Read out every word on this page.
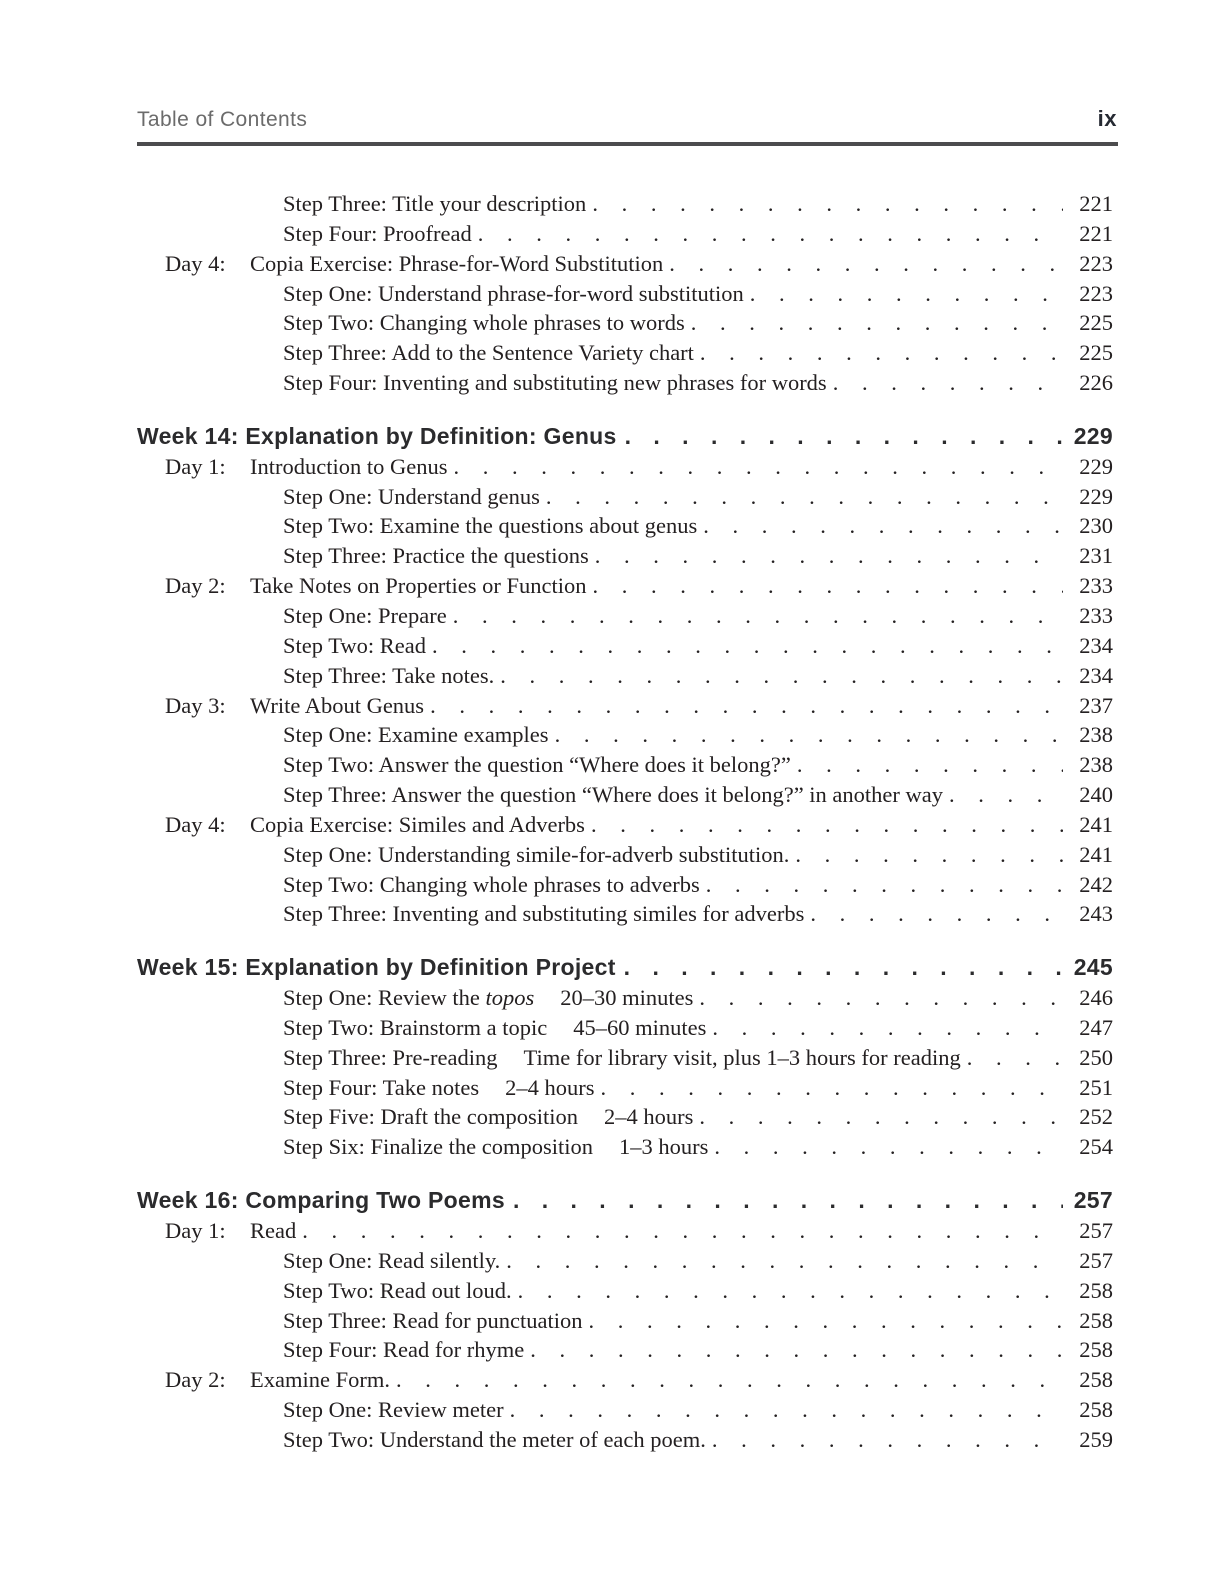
Table of Contents	ix
Step Three: Title your description . . .	221
Step Four: Proofread . . .	221
Day 4:	Copia Exercise: Phrase-for-Word Substitution . . .	223
Step One: Understand phrase-for-word substitution . . .	223
Step Two: Changing whole phrases to words . . .	225
Step Three: Add to the Sentence Variety chart . . .	225
Step Four: Inventing and substituting new phrases for words . . .	226
Week 14: Explanation by Definition: Genus . . .	229
Day 1:	Introduction to Genus . . .	229
Step One: Understand genus . . .	229
Step Two: Examine the questions about genus . . .	230
Step Three: Practice the questions . . .	231
Day 2:	Take Notes on Properties or Function . . .	233
Step One: Prepare . . .	233
Step Two: Read . . .	234
Step Three: Take notes. . . .	234
Day 3:	Write About Genus . . .	237
Step One: Examine examples . . .	238
Step Two: Answer the question “Where does it belong?” . . .	238
Step Three: Answer the question “Where does it belong?” in another way . . .	240
Day 4:	Copia Exercise: Similes and Adverbs . . .	241
Step One: Understanding simile-for-adverb substitution. . . .	241
Step Two: Changing whole phrases to adverbs . . .	242
Step Three: Inventing and substituting similes for adverbs . . .	243
Week 15: Explanation by Definition Project . . .	245
Step One: Review the topos 20–30 minutes . . .	246
Step Two: Brainstorm a topic 45–60 minutes . . .	247
Step Three: Pre-reading Time for library visit, plus 1–3 hours for reading . . .	250
Step Four: Take notes 2–4 hours . . .	251
Step Five: Draft the composition 2–4 hours . . .	252
Step Six: Finalize the composition 1–3 hours . . .	254
Week 16: Comparing Two Poems . . .	257
Day 1:	Read . . .	257
Step One: Read silently. . . .	257
Step Two: Read out loud. . . .	258
Step Three: Read for punctuation . . .	258
Step Four: Read for rhyme . . .	258
Day 2:	Examine Form. . . .	258
Step One: Review meter . . .	258
Step Two: Understand the meter of each poem. . . .	259
